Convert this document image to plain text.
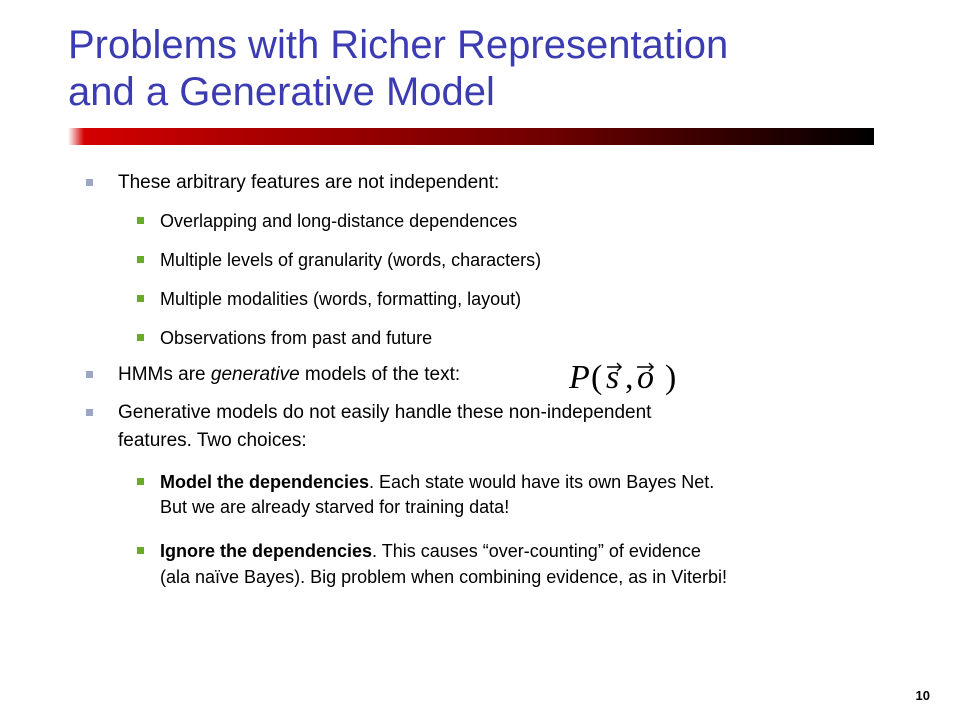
Problems with Richer Representation
and a Generative Model
These arbitrary features are not independent:
Overlapping and long-distance dependences
Multiple levels of granularity (words, characters)
Multiple modalities (words, formatting, layout)
Observations from past and future
HMMs are generative models of the text:	P ( s , o )
Generative models do not easily handle these non-independent
features. Two choices:
Model the dependencies. Each state would have its own Bayes Net.
But we are already starved for training data!
Ignore the dependencies. This causes “over-counting” of evidence
(ala naïve Bayes). Big problem when combining evidence, as in Viterbi!
10
